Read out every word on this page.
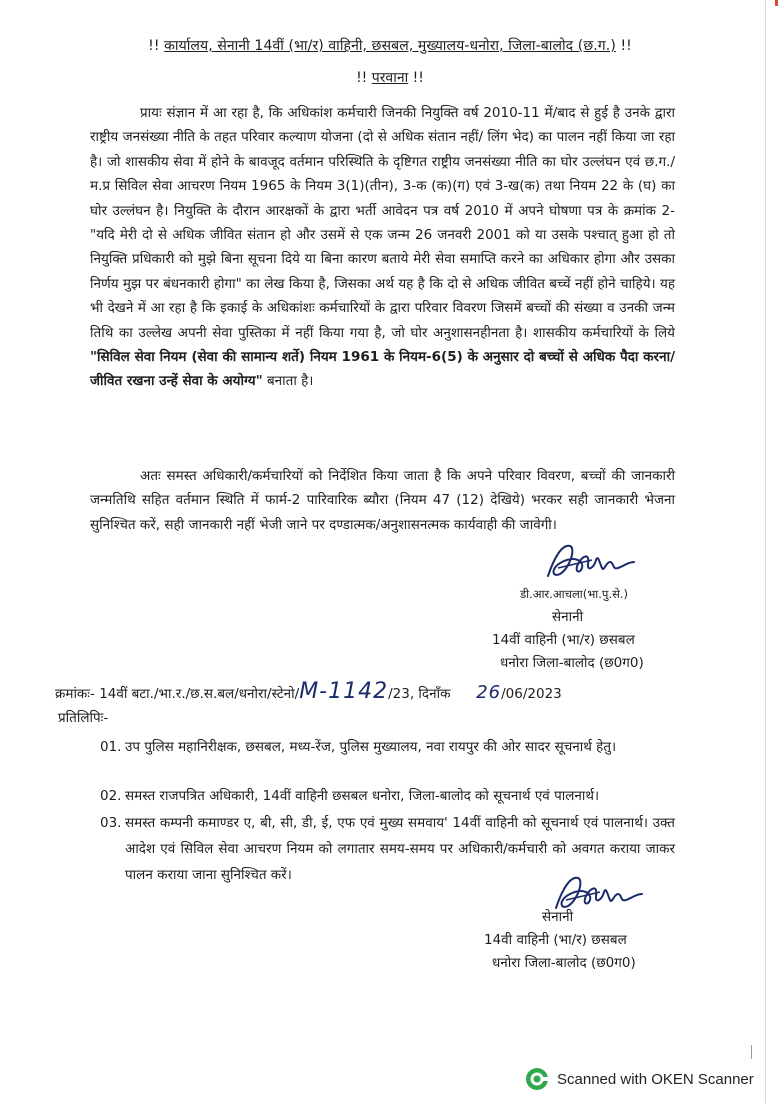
!! कार्यालय, सेनानी 14वीं (भा/र) वाहिनी, छसबल, मुख्यालय-धनोरा, जिला-बालोद (छ.ग.) !!
!! परवाना !!
प्रायः संज्ञान में आ रहा है, कि अधिकांश कर्मचारी जिनकी नियुक्ति वर्ष 2010-11 में/बाद से हुई है उनके द्वारा राष्ट्रीय जनसंख्या नीति के तहत परिवार कल्याण योजना (दो से अधिक संतान नहीं/ लिंग भेद) का पालन नहीं किया जा रहा है। जो शासकीय सेवा में होने के बावजूद वर्तमान परिस्थिति के दृष्टिगत राष्ट्रीय जनसंख्या नीति का घोर उल्लंघन एवं छ.ग./म.प्र सिविल सेवा आचरण नियम 1965 के नियम 3(1)(तीन), 3-क (क)(ग) एवं 3-ख(क) तथा नियम 22 के (घ) का घोर उल्लंघन है। नियुक्ति के दौरान आरक्षकों के द्वारा भर्ती आवेदन पत्र वर्ष 2010 में अपने घोषणा पत्र के क्रमांक 2- "यदि मेरी दो से अधिक जीवित संतान हो और उसमें से एक जन्म 26 जनवरी 2001 को या उसके पश्चात् हुआ हो तो नियुक्ति प्रधिकारी को मुझे बिना सूचना दिये या बिना कारण बताये मेरी सेवा समाप्ति करने का अधिकार होगा और उसका निर्णय मुझ पर बंधनकारी होगा" का लेख किया है, जिसका अर्थ यह है कि दो से अधिक जीवित बच्चें नहीं होने चाहिये। यह भी देखने में आ रहा है कि इकाई के अधिकांशः कर्मचारियों के द्वारा परिवार विवरण जिसमें बच्चों की संख्या व उनकी जन्म तिथि का उल्लेख अपनी सेवा पुस्तिका में नहीं किया गया है, जो घोर अनुशासनहीनता है। शासकीय कर्मचारियों के लिये "सिविल सेवा नियम (सेवा की सामान्य शर्ते) नियम 1961 के नियम-6(5) के अनुसार दो बच्चों से अधिक पैदा करना/जीवित रखना उन्हें सेवा के अयोग्य" बनाता है।
अतः समस्त अधिकारी/कर्मचारियों को निर्देशित किया जाता है कि अपने परिवार विवरण, बच्चों की जानकारी जन्मतिथि सहित वर्तमान स्थिति में फार्म-2 पारिवारिक ब्यौरा (नियम 47 (12) देखिये) भरकर सही जानकारी भेजना सुनिश्चित करें, सही जानकारी नहीं भेजी जाने पर दण्डात्मक/अनुशासनत्मक कार्यवाही की जावेगी।
डी.आर.आचला(भा.पु.से.)
सेनानी
14वीं वाहिनी (भा/र) छसबल
धनोरा जिला-बालोद (छ0ग0)
क्रमांकः- 14वीं बटा./भा.र./छ.स.बल/धनोरा/स्टेनो/M-1142/23, दिनाँक 26/06/2023
प्रतिलिपिः-
01. उप पुलिस महानिरीक्षक, छसबल, मध्य-रेंज, पुलिस मुख्यालय, नवा रायपुर की ओर सादर सूचनार्थ हेतु।
02. समस्त राजपत्रित अधिकारी, 14वीं वाहिनी छसबल धनोरा, जिला-बालोद को सूचनार्थ एवं पालनार्थ।
03. समस्त कम्पनी कमाण्डर ए, बी, सी, डी, ई, एफ एवं मुख्य समवाय' 14वीं वाहिनी को सूचनार्थ एवं पालनार्थ। उक्त आदेश एवं सिविल सेवा आचरण नियम को लगातार समय-समय पर अधिकारी/कर्मचारी को अवगत कराया जाकर पालन कराया जाना सुनिश्चित करें।
सेनानी
14वी वाहिनी (भा/र) छसबल
धनोरा जिला-बालोद (छ0ग0)
Scanned with OKEN Scanner
